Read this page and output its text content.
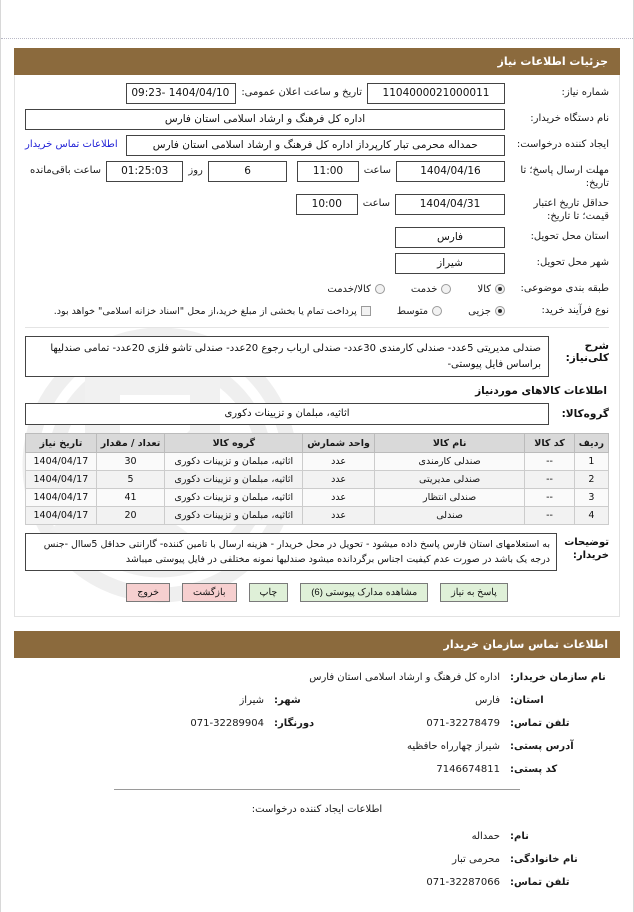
جزئیات اطلاعات نیاز
شماره نیاز:
1104000021000011
تاریخ و ساعت اعلان عمومی:
1404/04/10 -09:23
نام دستگاه خریدار:
اداره کل فرهنگ و ارشاد اسلامی استان فارس
ایجاد کننده درخواست:
حمداله محرمی تبار کارپرداز اداره کل فرهنگ و ارشاد اسلامی استان فارس
اطلاعات تماس خریدار
مهلت ارسال پاسخ؛ تا تاریخ:
1404/04/16
ساعت
11:00
6
روز
01:25:03
ساعت باقی‌مانده
حداقل تاریخ اعتبار قیمت؛ تا تاریخ:
1404/04/31
ساعت
10:00
استان محل تحویل:
فارس
شهر محل تحویل:
شیراز
طبقه بندی موضوعی:
کالا
خدمت
کالا/خدمت
نوع فرآیند خرید:
جزیی
متوسط
پرداخت تمام یا بخشی از مبلغ خرید،از محل "اسناد خزانه اسلامی" خواهد بود.
شرح کلی‌نیاز:
صندلی مدیریتی 5عدد- صندلی کارمندی 30عدد- صندلی ارباب رجوع 20عدد- صندلی تاشو فلزی 20عدد- تمامی صندلیها براساس فایل پیوستی-
اطلاعات کالاهای موردنیاز
گروه‌کالا:
اثاثیه، مبلمان و تزیینات دکوری
ردیف	کد کالا	نام کالا	واحد شمارش	گروه کالا	تعداد / مقدار	تاریخ نیاز
1	--	صندلی کارمندی	عدد	اثاثیه، مبلمان و تزیینات دکوری	30	1404/04/17
2	--	صندلی مدیریتی	عدد	اثاثیه، مبلمان و تزیینات دکوری	5	1404/04/17
3	--	صندلی انتظار	عدد	اثاثیه، مبلمان و تزیینات دکوری	41	1404/04/17
4	--	صندلی	عدد	اثاثیه، مبلمان و تزیینات دکوری	20	1404/04/17
توضیحات خریدار:
به استعلامهای استان فارس پاسخ داده میشود - تحویل در محل خریدار - هزینه ارسال با تامین کننده- گارانتی حداقل 5ساال -جنس درجه یک باشد در صورت عدم کیفیت اجناس برگردانده میشود صندلیها نمونه مختلفی در فایل پیوستی میباشد
پاسخ به نیاز
مشاهده مدارک پیوستی (6)
چاپ
بازگشت
خروج
اطلاعات تماس سازمان خریدار
نام سازمان خریدار:
اداره کل فرهنگ و ارشاد اسلامی استان فارس
استان:
فارس
شهر:
شیراز
تلفن تماس:
071-32278479
دورنگار:
071-32289904
آدرس پستی:
شیراز چهارراه حافظیه
کد پستی:
7146674811
اطلاعات ایجاد کننده درخواست:
نام:
حمداله
نام خانوادگی:
محرمی تبار
تلفن تماس:
071-32287066
